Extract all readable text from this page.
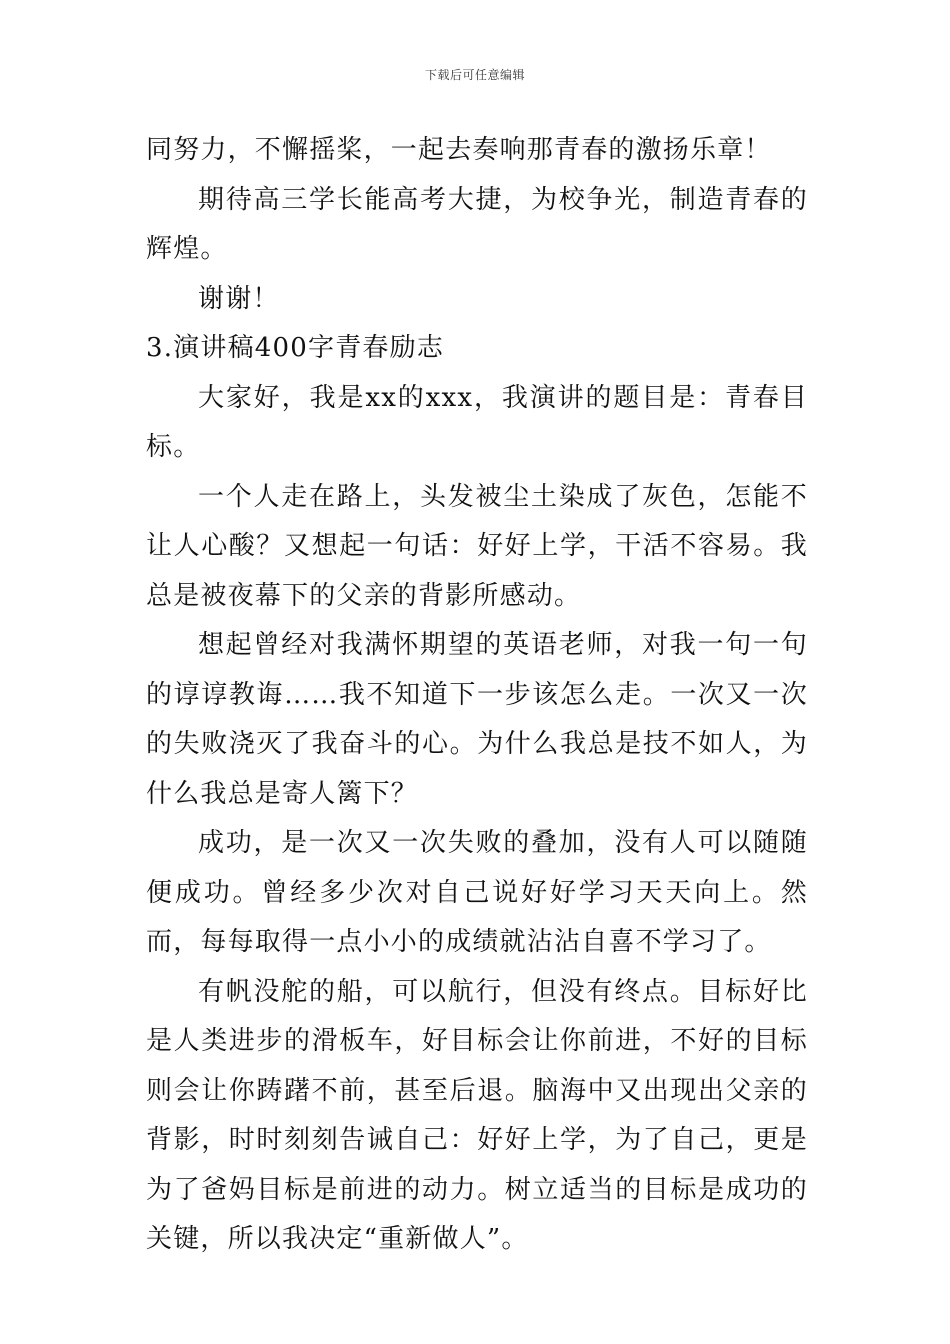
下载后可任意编辑

同努力，不懈摇桨，一起去奏响那青春的激扬乐章！

期待高三学长能高考大捷，为校争光，制造青春的辉煌。

谢谢！

3.演讲稿400字青春励志

大家好，我是xx的xxx，我演讲的题目是：青春目标。

一个人走在路上，头发被尘土染成了灰色，怎能不让人心酸？又想起一句话：好好上学，干活不容易。我总是被夜幕下的父亲的背影所感动。

想起曾经对我满怀期望的英语老师，对我一句一句的谆谆教诲……我不知道下一步该怎么走。一次又一次的失败浇灭了我奋斗的心。为什么我总是技不如人，为什么我总是寄人篱下？

成功，是一次又一次失败的叠加，没有人可以随随便成功。曾经多少次对自己说好好学习天天向上。然而，每每取得一点小小的成绩就沾沾自喜不学习了。

有帆没舵的船，可以航行，但没有终点。目标好比是人类进步的滑板车，好目标会让你前进，不好的目标则会让你踌躇不前，甚至后退。脑海中又出现出父亲的背影，时时刻刻告诫自己：好好上学，为了自己，更是为了爸妈目标是前进的动力。树立适当的目标是成功的关键，所以我决定“重新做人”。
